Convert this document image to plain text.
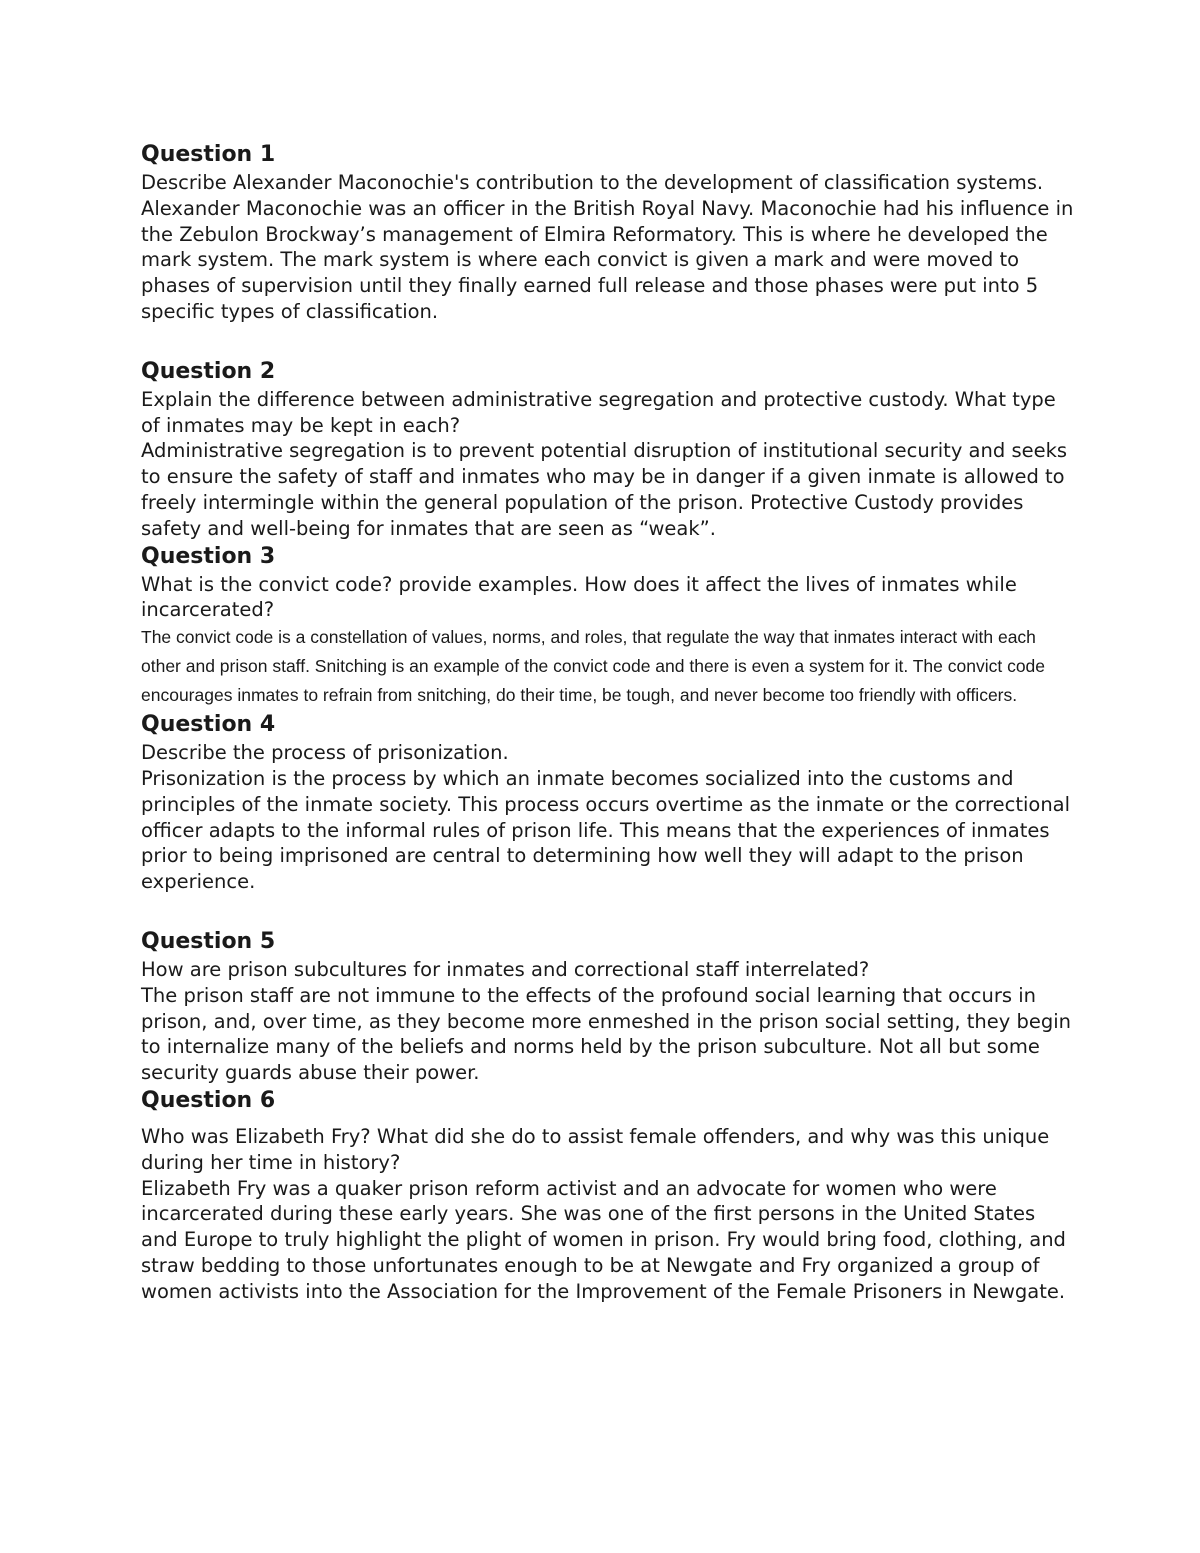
Question 1

Describe Alexander Maconochie's contribution to the development of classification systems.

Alexander Maconochie was an officer in the British Royal Navy. Maconochie had his influence in the Zebulon Brockway’s management of Elmira Reformatory. This is where he developed the mark system. The mark system is where each convict is given a mark and were moved to phases of supervision until they finally earned full release and those phases were put into 5 specific types of classification.

Question 2

Explain the difference between administrative segregation and protective custody. What type of inmates may be kept in each?

Administrative segregation is to prevent potential disruption of institutional security and seeks to ensure the safety of staff and inmates who may be in danger if a given inmate is allowed to freely intermingle within the general population of the prison. Protective Custody provides safety and well-being for inmates that are seen as “weak”.

Question 3

What is the convict code? provide examples. How does it affect the lives of inmates while incarcerated?

The convict code is a constellation of values, norms, and roles, that regulate the way that inmates interact with each other and prison staff. Snitching is an example of the convict code and there is even a system for it. The convict code encourages inmates to refrain from snitching, do their time, be tough, and never become too friendly with officers.

Question 4

Describe the process of prisonization.

Prisonization is the process by which an inmate becomes socialized into the customs and principles of the inmate society. This process occurs overtime as the inmate or the correctional officer adapts to the informal rules of prison life. This means that the experiences of inmates prior to being imprisoned are central to determining how well they will adapt to the prison experience.

Question 5

How are prison subcultures for inmates and correctional staff interrelated?

The prison staff are not immune to the effects of the profound social learning that occurs in prison, and, over time, as they become more enmeshed in the prison social setting, they begin to internalize many of the beliefs and norms held by the prison subculture. Not all but some security guards abuse their power.

Question 6

Who was Elizabeth Fry? What did she do to assist female offenders, and why was this unique during her time in history?

Elizabeth Fry was a quaker prison reform activist and an advocate for women who were incarcerated during these early years. She was one of the first persons in the United States and Europe to truly highlight the plight of women in prison. Fry would bring food, clothing, and straw bedding to those unfortunates enough to be at Newgate and Fry organized a group of women activists into the Association for the Improvement of the Female Prisoners in Newgate.
